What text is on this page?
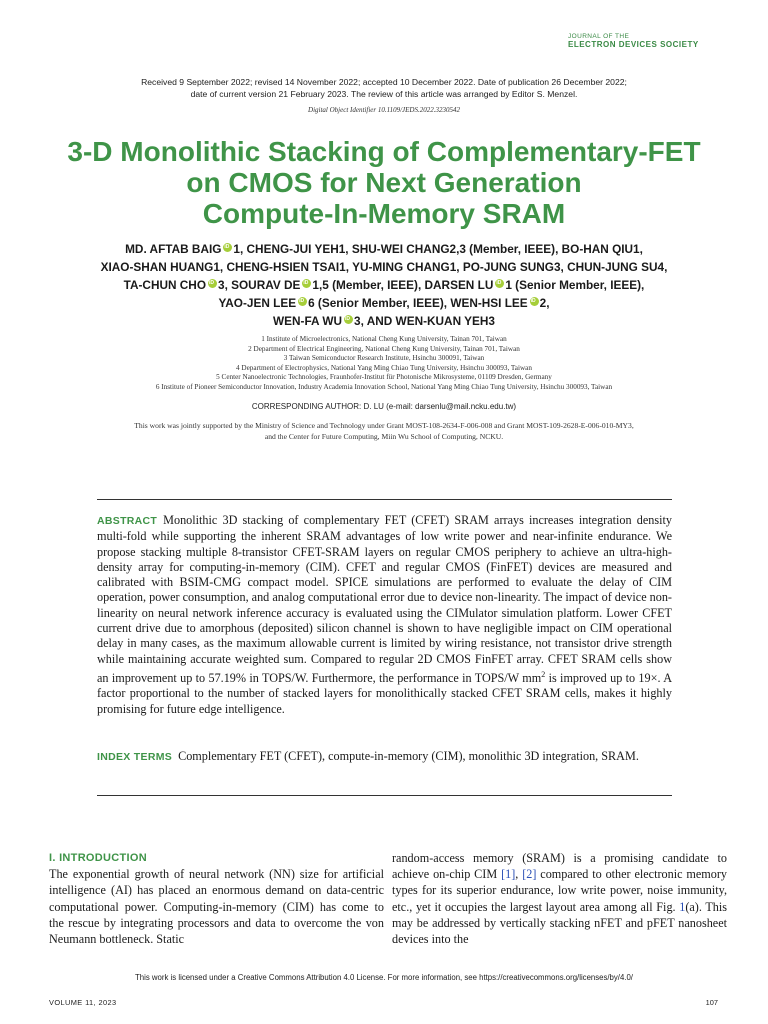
JOURNAL OF THE
ELECTRON DEVICES SOCIETY
Received 9 September 2022; revised 14 November 2022; accepted 10 December 2022. Date of publication 26 December 2022;
date of current version 21 February 2023. The review of this article was arranged by Editor S. Menzel.
Digital Object Identifier 10.1109/JEDS.2022.3230542
3-D Monolithic Stacking of Complementary-FET
on CMOS for Next Generation
Compute-In-Memory SRAM
MD. AFTAB BAIG iD 1, CHENG-JUI YEH1, SHU-WEI CHANG2,3 (Member, IEEE), BO-HAN QIU1,
XIAO-SHAN HUANG1, CHENG-HSIEN TSAI1, YU-MING CHANG1, PO-JUNG SUNG3, CHUN-JUNG SU4,
TA-CHUN CHO iD 3, SOURAV DE iD 1,5 (Member, IEEE), DARSEN LU iD 1 (Senior Member, IEEE),
YAO-JEN LEE iD 6 (Senior Member, IEEE), WEN-HSI LEE iD 2,
WEN-FA WU iD 3, AND WEN-KUAN YEH3
1 Institute of Microelectronics, National Cheng Kung University, Tainan 701, Taiwan
2 Department of Electrical Engineering, National Cheng Kung University, Tainan 701, Taiwan
3 Taiwan Semiconductor Research Institute, Hsinchu 300091, Taiwan
4 Department of Electrophysics, National Yang Ming Chiao Tung University, Hsinchu 300093, Taiwan
5 Center Nanoelectronic Technologies, Fraunhofer-Institut für Photonische Mikrosysteme, 01109 Dresden, Germany
6 Institute of Pioneer Semiconductor Innovation, Industry Academia Innovation School, National Yang Ming Chiao Tung University, Hsinchu 300093, Taiwan
CORRESPONDING AUTHOR: D. LU (e-mail: darsenlu@mail.ncku.edu.tw)
This work was jointly supported by the Ministry of Science and Technology under Grant MOST-108-2634-F-006-008 and Grant MOST-109-2628-E-006-010-MY3,
and the Center for Future Computing, Miin Wu School of Computing, NCKU.
ABSTRACT Monolithic 3D stacking of complementary FET (CFET) SRAM arrays increases integration density multi-fold while supporting the inherent SRAM advantages of low write power and near-infinite endurance. We propose stacking multiple 8-transistor CFET-SRAM layers on regular CMOS periphery to achieve an ultra-high-density array for computing-in-memory (CIM). CFET and regular CMOS (FinFET) devices are measured and calibrated with BSIM-CMG compact model. SPICE simulations are performed to evaluate the delay of CIM operation, power consumption, and analog computational error due to device non-linearity. The impact of device non-linearity on neural network inference accuracy is evaluated using the CIMulator simulation platform. Lower CFET current drive due to amorphous (deposited) silicon channel is shown to have negligible impact on CIM operational delay in many cases, as the maximum allowable current is limited by wiring resistance, not transistor drive strength while maintaining accurate weighted sum. Compared to regular 2D CMOS FinFET array. CFET SRAM cells show an improvement up to 57.19% in TOPS/W. Furthermore, the performance in TOPS/W $mm^2$ is improved up to 19×. A factor proportional to the number of stacked layers for monolithically stacked CFET SRAM cells, makes it highly promising for future edge intelligence.
INDEX TERMS Complementary FET (CFET), compute-in-memory (CIM), monolithic 3D integration, SRAM.
I. INTRODUCTION
The exponential growth of neural network (NN) size for artificial intelligence (AI) has placed an enormous demand on data-centric computational power. Computing-in-memory (CIM) has come to the rescue by integrating processors and data to overcome the von Neumann bottleneck. Static
random-access memory (SRAM) is a promising candidate to achieve on-chip CIM [1], [2] compared to other electronic memory types for its superior endurance, low write power, noise immunity, etc., yet it occupies the largest layout area among all Fig. 1(a). This may be addressed by vertically stacking nFET and pFET nanosheet devices into the
This work is licensed under a Creative Commons Attribution 4.0 License. For more information, see https://creativecommons.org/licenses/by/4.0/
VOLUME 11, 2023	107
